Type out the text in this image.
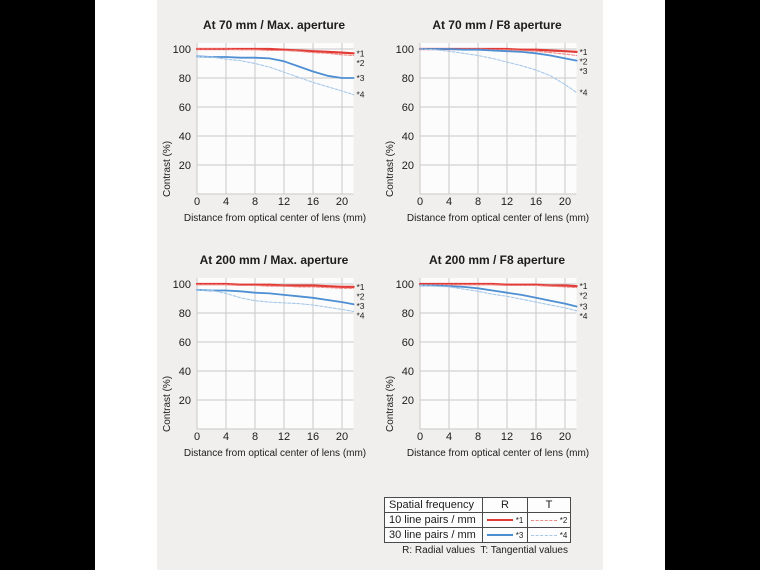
At 70 mm / Max. aperture
20
40
60
80
100
0 4 8 12 16 20
Distance from optical center of lens (mm)
Contrast (%)
*1
*2
*3
*4
At 70 mm / F8 aperture
20
40
60
80
100
0 4 8 12 16 20
Distance from optical center of lens (mm)
Contrast (%)
*1
*2
*3
*4
At 200 mm / Max. aperture
20
40
60
80
100
0 4 8 12 16 20
Distance from optical center of lens (mm)
Contrast (%)
*1
*2
*3
*4
At 200 mm / F8 aperture
20
40
60
80
100
0 4 8 12 16 20
Distance from optical center of lens (mm)
Contrast (%)
*1
*2
*3
*4
Spatial frequency	R	T
10 line pairs / mm	*1	*2

30 line pairs / mm	*3	*4
R: Radial values  T: Tangential values
